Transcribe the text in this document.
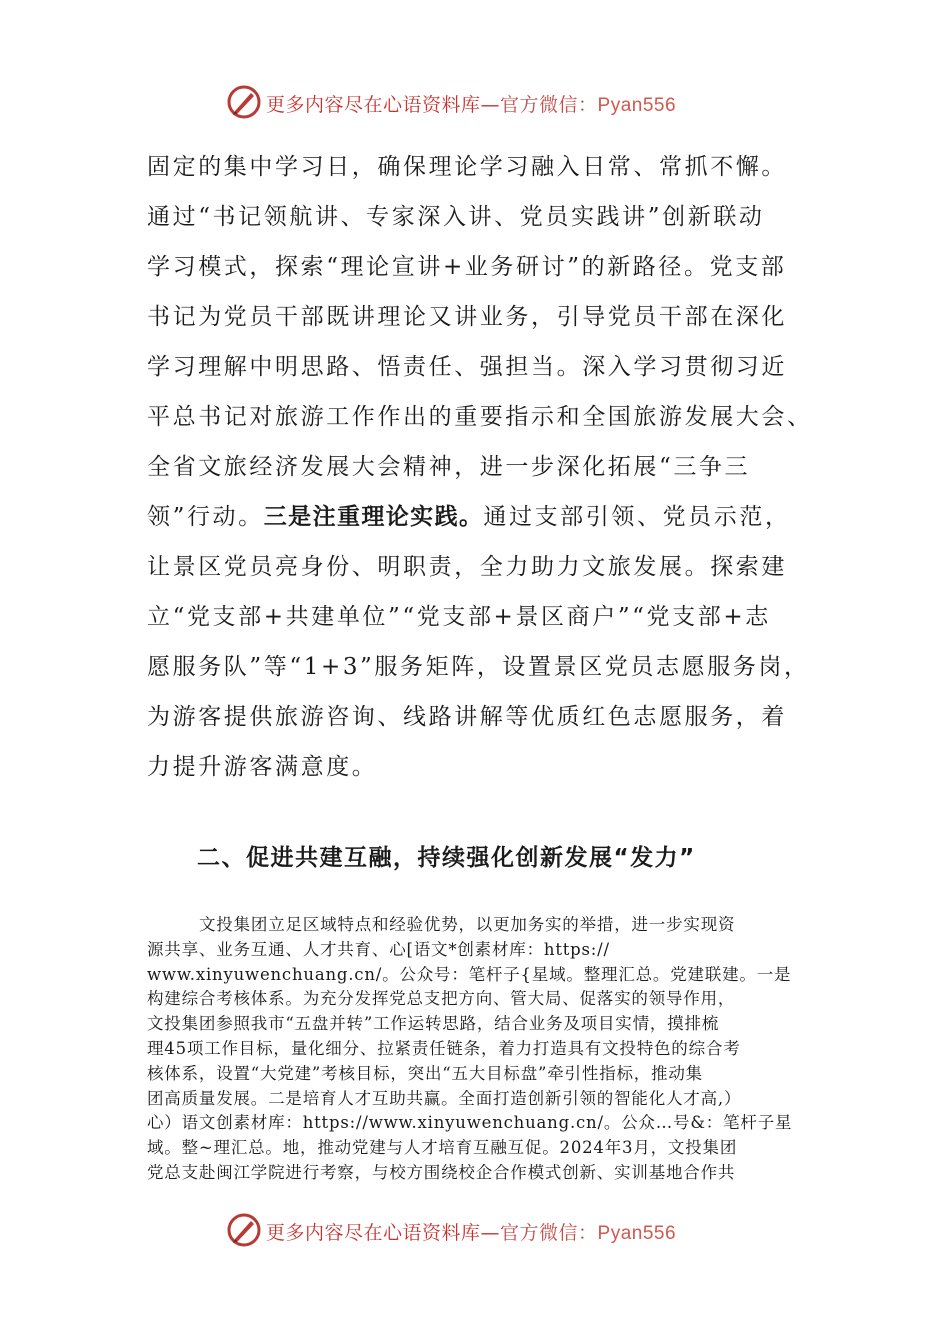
更多内容尽在心语资料库—官方微信：Pyan556
固定的集中学习日，确保理论学习融入日常、常抓不懈。
通过“书记领航讲、专家深入讲、党员实践讲”创新联动
学习模式，探索“理论宣讲+业务研讨”的新路径。党支部
书记为党员干部既讲理论又讲业务，引导党员干部在深化
学习理解中明思路、悟责任、强担当。深入学习贯彻习近
平总书记对旅游工作作出的重要指示和全国旅游发展大会、
全省文旅经济发展大会精神，进一步深化拓展“三争三
领”行动。三是注重理论实践。通过支部引领、党员示范，
让景区党员亮身份、明职责，全力助力文旅发展。探索建
立“党支部+共建单位”“党支部+景区商户”“党支部+志
愿服务队”等“1+3”服务矩阵，设置景区党员志愿服务岗，
为游客提供旅游咨询、线路讲解等优质红色志愿服务，着
力提升游客满意度。
二、促进共建互融，持续强化创新发展“发力”
文投集团立足区域特点和经验优势，以更加务实的举措，进一步实现资
源共享、业务互通、人才共育、心[语文*创素材库：https://
www.xinyuwenchuang.cn/。公众号：笔杆子{星域。整理汇总。党建联建。一是
构建综合考核体系。为充分发挥党总支把方向、管大局、促落实的领导作用，
文投集团参照我市“五盘并转”工作运转思路，结合业务及项目实情，摸排梳
理45项工作目标，量化细分、拉紧责任链条，着力打造具有文投特色的综合考
核体系，设置“大党建”考核目标，突出“五大目标盘”牵引性指标，推动集
团高质量发展。二是培育人才互助共赢。全面打造创新引领的智能化人才高,）
心）语文创素材库：https://www.xinyuwenchuang.cn/。公众…号&：笔杆子星
域。整~理汇总。地，推动党建与人才培育互融互促。2024年3月，文投集团
党总支赴闽江学院进行考察，与校方围绕校企合作模式创新、实训基地合作共
更多内容尽在心语资料库—官方微信：Pyan556
